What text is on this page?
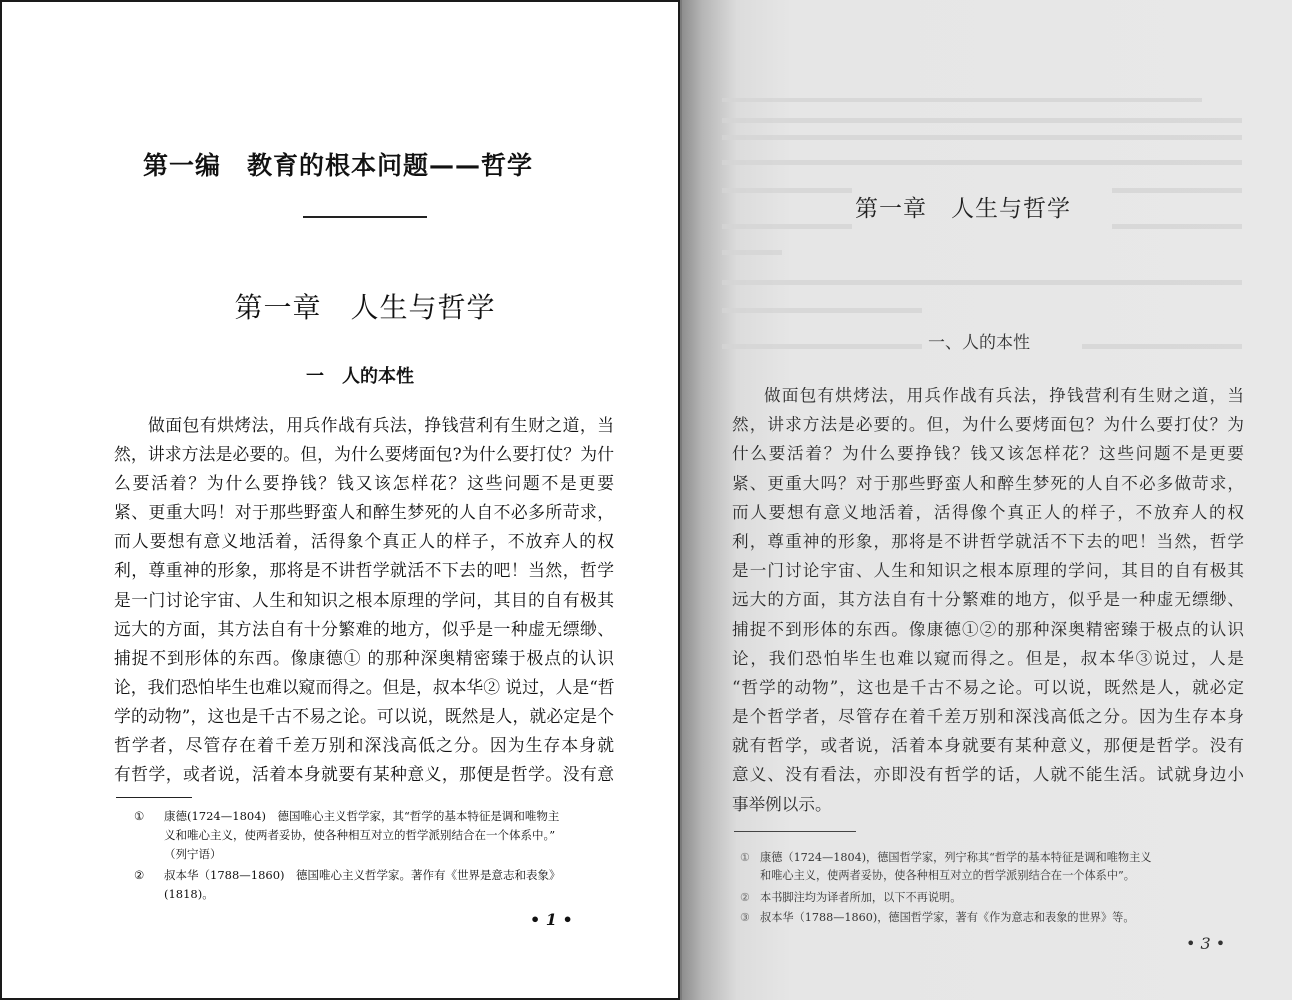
第一编　教育的根本问题——哲学
第一章　人生与哲学
一　人的本性
做面包有烘烤法，用兵作战有兵法，挣钱营利有生财之道，当
然，讲求方法是必要的。但，为什么要烤面包?为什么要打仗？为什
么要活着？为什么要挣钱？钱又该怎样花？这些问题不是更要
紧、更重大吗！对于那些野蛮人和醉生梦死的人自不必多所苛求，
而人要想有意义地活着，活得象个真正人的样子，不放弃人的权
利，尊重神的形象，那将是不讲哲学就活不下去的吧！当然，哲学
是一门讨论宇宙、人生和知识之根本原理的学问，其目的自有极其
远大的方面，其方法自有十分繁难的地方，似乎是一种虚无缥缈、
捕捉不到形体的东西。像康德① 的那种深奥精密臻于极点的认识
论，我们恐怕毕生也难以窥而得之。但是，叔本华② 说过，人是“哲
学的动物”，这也是千古不易之论。可以说，既然是人，就必定是个
哲学者，尽管存在着千差万别和深浅高低之分。因为生存本身就
有哲学，或者说，活着本身就要有某种意义，那便是哲学。没有意
① 康德(1724—1804)　德国唯心主义哲学家，其“哲学的基本特征是调和唯物主
义和唯心主义，使两者妥协，使各种相互对立的哲学派别结合在一个体系中。”
（列宁语）
② 叔本华（1788—1860)　德国唯心主义哲学家。著作有《世界是意志和表象》
(1818)。
• 1 •
第一章　人生与哲学
一、人的本性
做面包有烘烤法，用兵作战有兵法，挣钱营利有生财之道，当
然，讲求方法是必要的。但，为什么要烤面包？为什么要打仗？为
什么要活着？为什么要挣钱？钱又该怎样花？这些问题不是更要
紧、更重大吗？对于那些野蛮人和醉生梦死的人自不必多做苛求，
而人要想有意义地活着，活得像个真正人的样子，不放弃人的权
利，尊重神的形象，那将是不讲哲学就活不下去的吧！当然，哲学
是一门讨论宇宙、人生和知识之根本原理的学问，其目的自有极其
远大的方面，其方法自有十分繁难的地方，似乎是一种虚无缥缈、
捕捉不到形体的东西。像康德①②的那种深奥精密臻于极点的认识
论，我们恐怕毕生也难以窥而得之。但是，叔本华③说过，人是
“哲学的动物”，这也是千古不易之论。可以说，既然是人，就必定
是个哲学者，尽管存在着千差万别和深浅高低之分。因为生存本身
就有哲学，或者说，活着本身就要有某种意义，那便是哲学。没有
意义、没有看法，亦即没有哲学的话，人就不能生活。试就身边小
事举例以示。
① 康德（1724—1804)，德国哲学家，列宁称其“哲学的基本特征是调和唯物主义
和唯心主义，使两者妥协，使各种相互对立的哲学派别结合在一个体系中”。
② 本书脚注均为译者所加，以下不再说明。
③ 叔本华（1788—1860)，德国哲学家，著有《作为意志和表象的世界》等。
• 3 •
